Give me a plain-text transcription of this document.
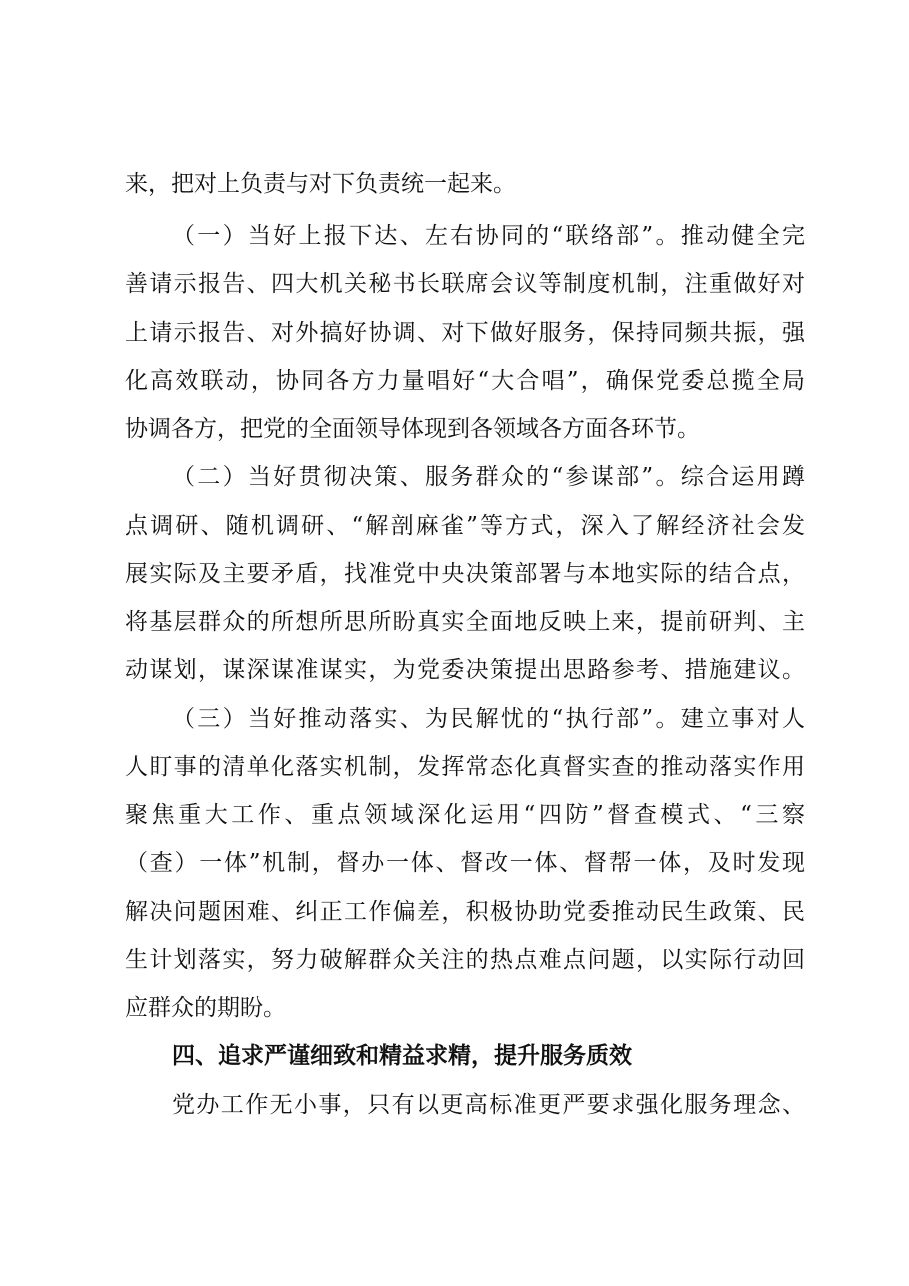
来，把对上负责与对下负责统一起来。
（一）当好上报下达、左右协同的“联络部”。推动健全完
善请示报告、四大机关秘书长联席会议等制度机制，注重做好对
上请示报告、对外搞好协调、对下做好服务，保持同频共振，强
化高效联动，协同各方力量唱好“大合唱”，确保党委总揽全局
协调各方，把党的全面领导体现到各领域各方面各环节。
（二）当好贯彻决策、服务群众的“参谋部”。综合运用蹲
点调研、随机调研、“解剖麻雀”等方式，深入了解经济社会发
展实际及主要矛盾，找准党中央决策部署与本地实际的结合点，
将基层群众的所想所思所盼真实全面地反映上来，提前研判、主
动谋划，谋深谋准谋实，为党委决策提出思路参考、措施建议。
（三）当好推动落实、为民解忧的“执行部”。建立事对人
人盯事的清单化落实机制，发挥常态化真督实查的推动落实作用
聚焦重大工作、重点领域深化运用“四防”督查模式、“三察
（查）一体”机制，督办一体、督改一体、督帮一体，及时发现
解决问题困难、纠正工作偏差，积极协助党委推动民生政策、民
生计划落实，努力破解群众关注的热点难点问题，以实际行动回
应群众的期盼。
四、追求严谨细致和精益求精，提升服务质效
党办工作无小事，只有以更高标准更严要求强化服务理念、
